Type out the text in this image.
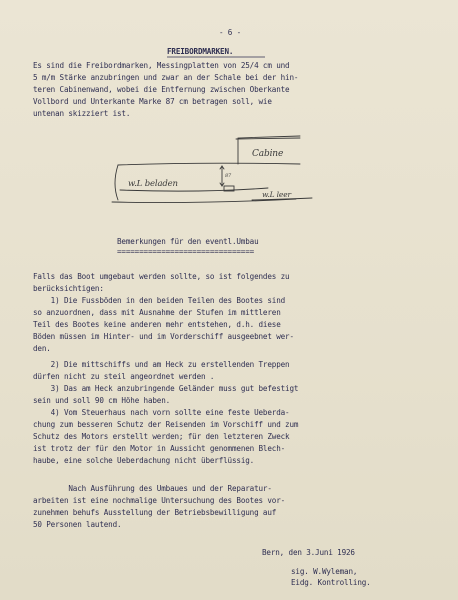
- 6 -
FREIBORDMARKEN.
Es sind die Freibordmarken, Messingplatten von 25/4 cm und
5 m/m Stärke anzubringen und zwar an der Schale bei der hin-
teren Cabinenwand, wobei die Entfernung zwischen Oberkante
Vollbord und Unterkante Marke 87 cm betragen soll, wie
untenan skizziert ist.
Cabine
87
w.L beladen
w.L leer
Bemerkungen für den eventl.Umbau
===============================
Falls das Boot umgebaut werden sollte, so ist folgendes zu
berücksichtigen:
1) Die Fussböden in den beiden Teilen des Bootes sind
so anzuordnen, dass mit Ausnahme der Stufen im mittleren
Teil des Bootes keine anderen mehr entstehen, d.h. diese
Böden müssen im Hinter- und im Vorderschiff ausgeebnet wer-
den.
2) Die mittschiffs und am Heck zu erstellenden Treppen
dürfen nicht zu steil angeordnet werden .
3) Das am Heck anzubringende Geländer muss gut befestigt
sein und soll 90 cm Höhe haben.
4) Vom Steuerhaus nach vorn sollte eine feste Ueberda-
chung zum besseren Schutz der Reisenden im Vorschiff und zum
Schutz des Motors erstellt werden; für den letzteren Zweck
ist trotz der für den Motor in Aussicht genommenen Blech-
haube, eine solche Ueberdachung nicht überflüssig.
Nach Ausführung des Umbaues und der Reparatur-
arbeiten ist eine nochmalige Untersuchung des Bootes vor-
zunehmen behufs Ausstellung der Betriebsbewilligung auf
50 Personen lautend.
Bern, den 3.Juni 1926
sig. W.Wyleman,
Eidg. Kontrolling.
